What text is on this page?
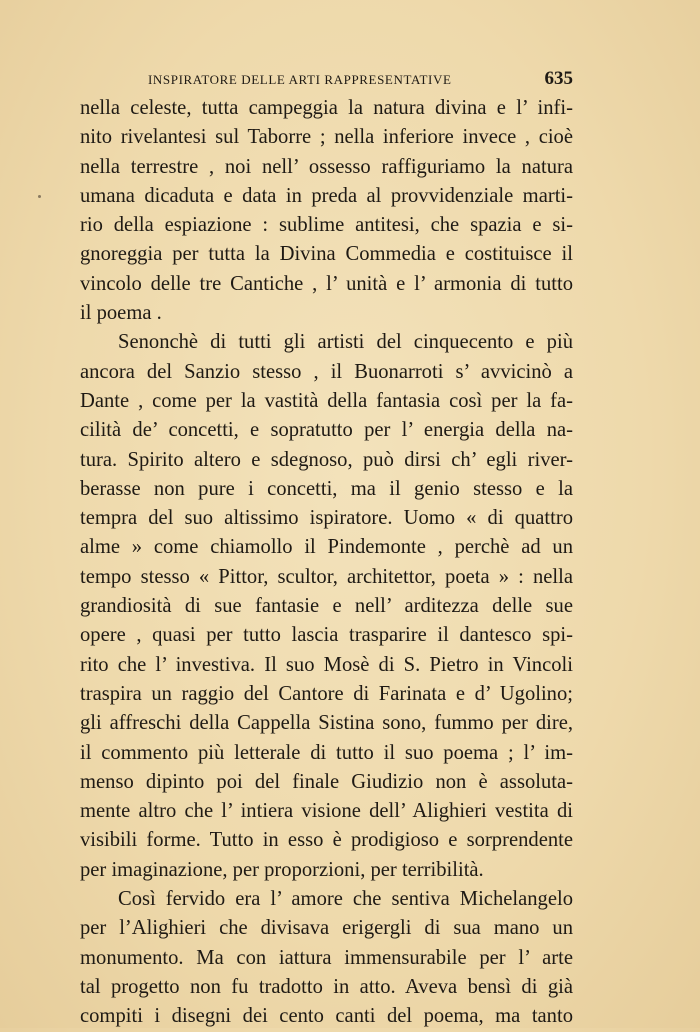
INSPIRATORE DELLE ARTI RAPPRESENTATIVE	635
nella celeste, tutta campeggia la natura divina e l’ infi-
nito rivelantesi sul Taborre ; nella inferiore invece , cioè
nella terrestre , noi nell’ ossesso raffiguriamo la natura
umana dicaduta e data in preda al provvidenziale marti-
rio della espiazione : sublime antitesi, che spazia e si-
gnoreggia per tutta la Divina Commedia e costituisce il
vincolo delle tre Cantiche , l’ unità e l’ armonia di tutto
il poema .
Senonchè di tutti gli artisti del cinquecento e più
ancora del Sanzio stesso , il Buonarroti s’ avvicinò a
Dante , come per la vastità della fantasia così per la fa-
cilità de’ concetti, e sopratutto per l’ energia della na-
tura. Spirito altero e sdegnoso, può dirsi ch’ egli river-
berasse non pure i concetti, ma il genio stesso e la
tempra del suo altissimo ispiratore. Uomo « di quattro
alme » come chiamollo il Pindemonte , perchè ad un
tempo stesso « Pittor, scultor, architettor, poeta » : nella
grandiosità di sue fantasie e nell’ arditezza delle sue
opere , quasi per tutto lascia trasparire il dantesco spi-
rito che l’ investiva. Il suo Mosè di S. Pietro in Vincoli
traspira un raggio del Cantore di Farinata e d’ Ugolino;
gli affreschi della Cappella Sistina sono, fummo per dire,
il commento più letterale di tutto il suo poema ; l’ im-
menso dipinto poi del finale Giudizio non è assoluta-
mente altro che l’ intiera visione dell’ Alighieri vestita di
visibili forme. Tutto in esso è prodigioso e sorprendente
per imaginazione, per proporzioni, per terribilità.
Così fervido era l’ amore che sentiva Michelangelo
per l’Alighieri che divisava erigergli di sua mano un
monumento. Ma con iattura immensurabile per l’ arte
tal progetto non fu tradotto in atto. Aveva bensì di già
compiti i disegni dei cento canti del poema, ma tanto
